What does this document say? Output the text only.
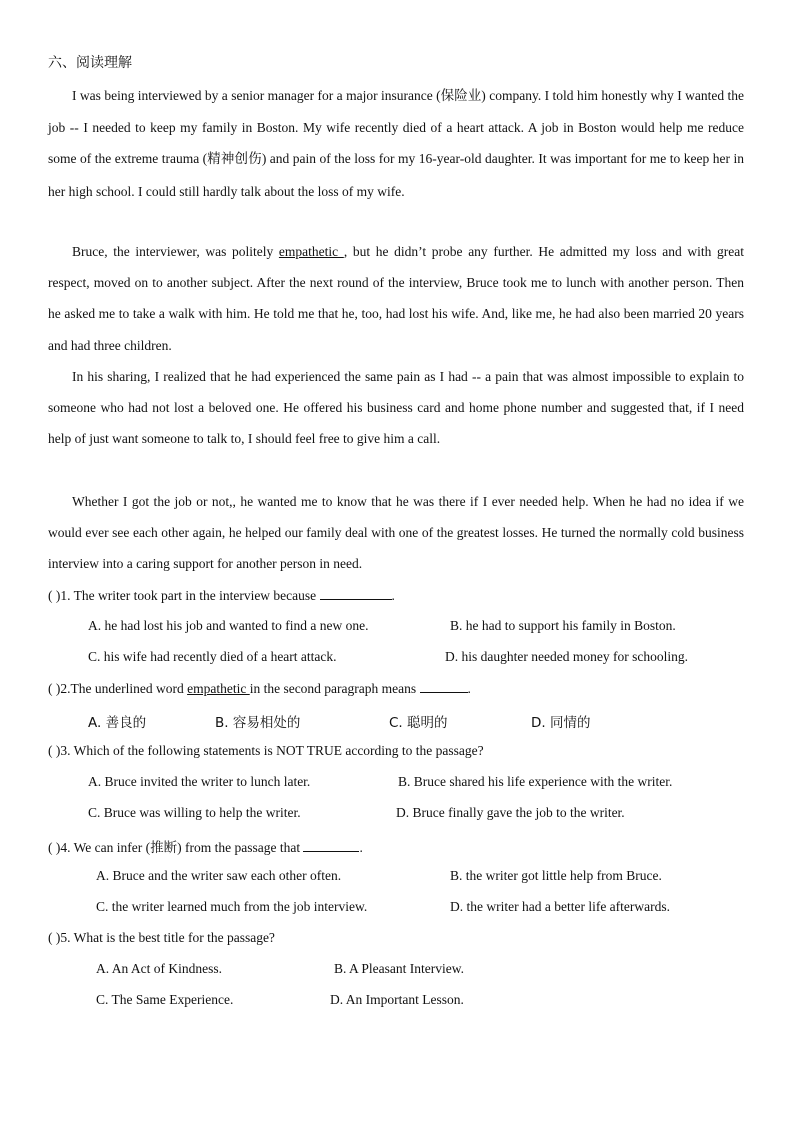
六、阅读理解

I was being interviewed by a senior manager for a major insurance (保险业) company. I told him honestly why I wanted the job -- I needed to keep my family in Boston. My wife recently died of a heart attack. A job in Boston would help me reduce some of the extreme trauma (精神创伤) and pain of the loss for my 16-year-old daughter. It was important for me to keep her in her high school. I could still hardly talk about the loss of my wife.

Bruce, the interviewer, was politely empathetic , but he didn’t probe any further. He admitted my loss and with great respect, moved on to another subject. After the next round of the interview, Bruce took me to lunch with another person. Then he asked me to take a walk with him. He told me that he, too, had lost his wife. And, like me, he had also been married 20 years and had three children.

In his sharing, I realized that he had experienced the same pain as I had -- a pain that was almost impossible to explain to someone who had not lost a beloved one. He offered his business card and home phone number and suggested that, if I need help of just want someone to talk to, I should feel free to give him a call.

Whether I got the job or not,, he wanted me to know that he was there if I ever needed help. When he had no idea if we would ever see each other again, he helped our family deal with one of the greatest losses. He turned the normally cold business interview into a caring support for another person in need.

( )1. The writer took part in the interview because	.
A. he had lost his job and wanted to find a new one.	B. he had to support his family in Boston.
C. his wife had recently died of a heart attack.	D. his daughter needed money for schooling.
( )2.The underlined word empathetic in the second paragraph means	.
A. 善良的	B. 容易相处的	C. 聪明的	D. 同情的
( )3. Which of the following statements is NOT TRUE according to the passage?
A. Bruce invited the writer to lunch later.	B. Bruce shared his life experience with the writer.
C. Bruce was willing to help the writer.	D. Bruce finally gave the job to the writer.
( )4. We can infer (推断) from the passage that	.
A. Bruce and the writer saw each other often.	B. the writer got little help from Bruce.
C. the writer learned much from the job interview.	D. the writer had a better life afterwards.
( )5. What is the best title for the passage?
A. An Act of Kindness.	B. A Pleasant Interview.
C. The Same Experience.	D. An Important Lesson.
